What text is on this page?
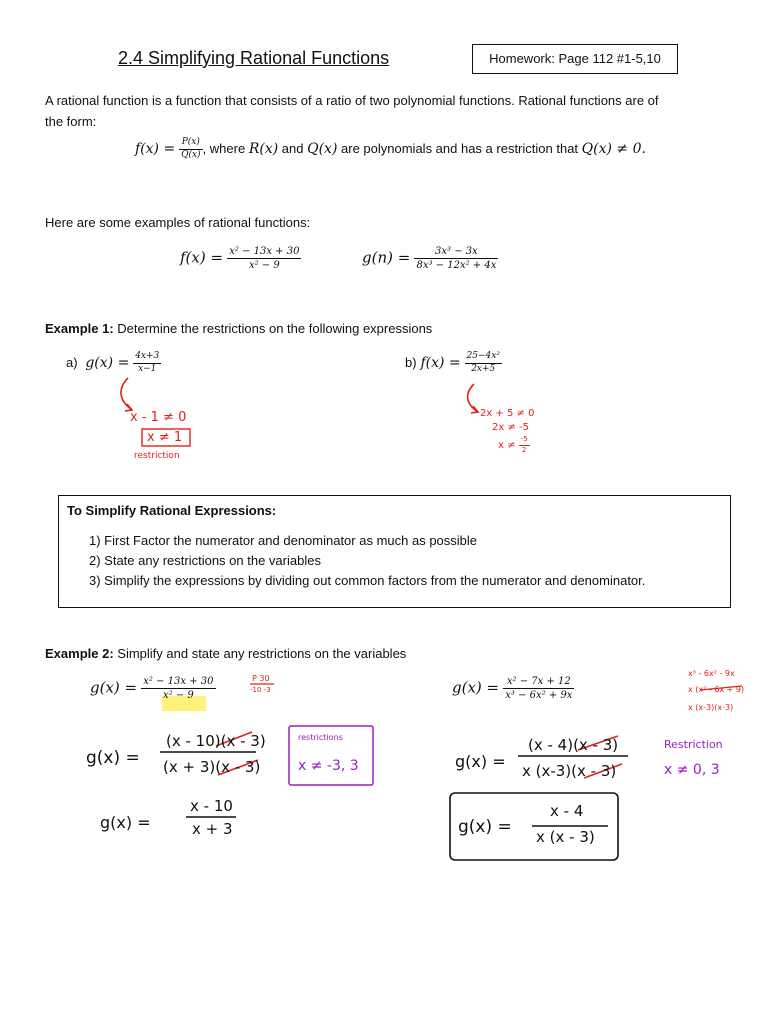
2.4 Simplifying Rational Functions	Homework: Page 112 #1-5,10
A rational function is a function that consists of a ratio of two polynomial functions. Rational functions are of
the form:
$f(x) = \frac{P(x)}{Q(x)}$ , where R(x) and Q(x) are polynomials and has a restriction that Q(x) ≠ 0.
Here are some examples of rational functions:
$f(x) = \frac{\text{x² − 13x + 30}}{\text{x² − 9}}$	$g(n) = \frac{\text{3x³ − 3x}}{\text{8x³ − 12x² + 4x}}$
Example 1: Determine the restrictions on the following expressions
a) $g(x) = \frac{4x+3}{x-1}$	b) $f(x) = \frac{\text{25−4x²}}{2x+5}$
x - 1 ≠ 0
x ≠ 1
restriction
2x + 5 ≠ 0
2x ≠ -5
$x \ne \frac{-5}{2}$
To Simplify Rational Expressions:
1) First Factor the numerator and denominator as much as possible
2) State any restrictions on the variables
3) Simplify the expressions by dividing out common factors from the numerator and denominator.
Example 2: Simplify and state any restrictions on the variables
$g(x) = \frac{\text{x² − 13x + 30}}{\text{x² − 9}}$	P 30
-10 -3	$g(x) = \frac{\text{x² − 7x + 12}}{\text{x³ − 6x² + 9x}}$
x³ - 6x² - 9x
x (x² - 6x + 9)
x (x-3)(x-3)
g(x) =
(x - 10)(x - 3)
(x + 3)(x - 3)
restrictions
x ≠ -3, 3
g(x) =
x - 10
x + 3
g(x) =
(x - 4)(x - 3)
x (x-3)(x - 3)
Restriction
x ≠ 0, 3
g(x) =
x - 4
x (x - 3)
